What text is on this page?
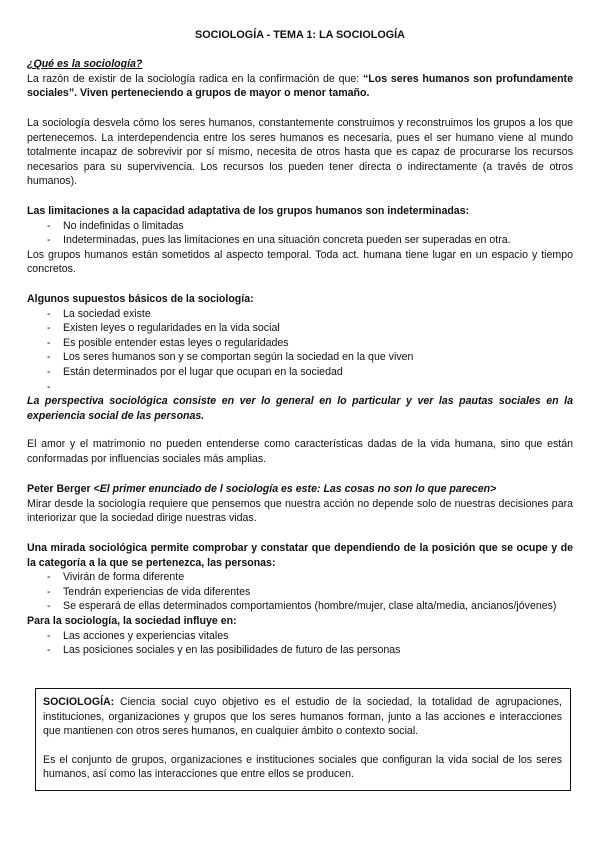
SOCIOLOGÍA - TEMA 1: LA SOCIOLOGÍA
¿Qué es la sociología?
La razón de existir de la sociología radica en la confirmación de que: “Los seres humanos son profundamente sociales”. Viven perteneciendo a grupos de mayor o menor tamaño.
La sociología desvela cómo los seres humanos, constantemente construimos y reconstruimos los grupos a los que pertenecemos. La interdependencia entre los seres humanos es necesaria, pues el ser humano viene al mundo totalmente incapaz de sobrevivir por sí mismo, necesita de otros hasta que es capaz de procurarse los recursos necesarios para su supervivencia. Los recursos los pueden tener directa o indirectamente (a través de otros humanos).
Las limitaciones a la capacidad adaptativa de los grupos humanos son indeterminadas:
- No indefinidas o limitadas
- Indeterminadas, pues las limitaciones en una situación concreta pueden ser superadas en otra.
Los grupos humanos están sometidos al aspecto temporal. Toda act. humana tiene lugar en un espacio y tiempo concretos.
Algunos supuestos básicos de la sociología:
- La sociedad existe
- Existen leyes o regularidades en la vida social
- Es posible entender estas leyes o regularidades
- Los seres humanos son y se comportan según la sociedad en la que viven
- Están determinados por el lugar que ocupan en la sociedad
-
La perspectiva sociológica consiste en ver lo general en lo particular y ver las pautas sociales en la experiencia social de las personas.
El amor y el matrimonio no pueden entenderse como características dadas de la vida humana, sino que están conformadas por influencias sociales más amplias.
Peter Berger <El primer enunciado de l sociología es este: Las cosas no son lo que parecen>
Mirar desde la sociología requiere que pensemos que nuestra acción no depende solo de nuestras decisiones para interiorizar que la sociedad dirige nuestras vidas.
Una mirada sociológica permite comprobar y constatar que dependiendo de la posición que se ocupe y de la categoría a la que se pertenezca, las personas:
- Vivirán de forma diferente
- Tendrán experiencias de vida diferentes
- Se esperará de ellas determinados comportamientos (hombre/mujer, clase alta/media, ancianos/jóvenes)
Para la sociología, la sociedad influye en:
- Las acciones y experiencias vitales
- Las posiciones sociales y en las posibilidades de futuro de las personas

SOCIOLOGÍA: Ciencia social cuyo objetivo es el estudio de la sociedad, la totalidad de agrupaciones, instituciones, organizaciones y grupos que los seres humanos forman, junto a las acciones e interacciones que mantienen con otros seres humanos, en cualquier ámbito o contexto social.

Es el conjunto de grupos, organizaciones e instituciones sociales que configuran la vida social de los seres humanos, así como las interacciones que entre ellos se producen.
